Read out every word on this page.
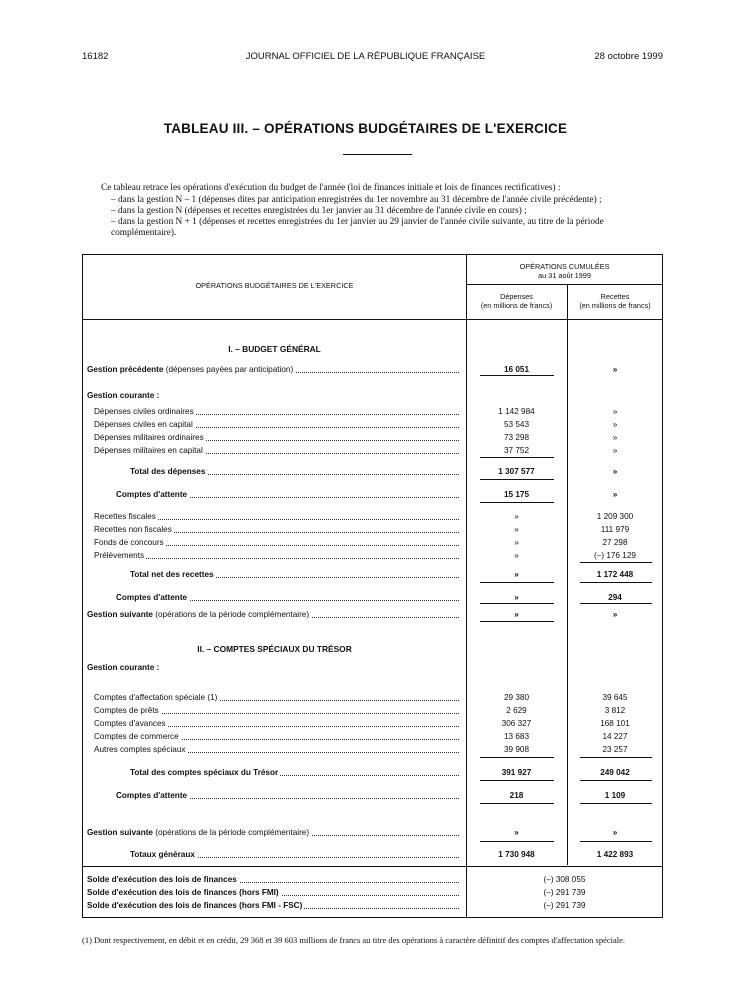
16182	JOURNAL OFFICIEL DE LA RÉPUBLIQUE FRANÇAISE	28 octobre 1999
TABLEAU III. – OPÉRATIONS BUDGÉTAIRES DE L'EXERCICE
Ce tableau retrace les opérations d'exécution du budget de l'année (loi de finances initiale et lois de finances rectificatives) :
– dans la gestion N – 1 (dépenses dites par anticipation enregistrées du 1er novembre au 31 décembre de l'année civile précédente) ;
– dans la gestion N (dépenses et recettes enregistrées du 1er janvier au 31 décembre de l'année civile en cours) ;
– dans la gestion N + 1 (dépenses et recettes enregistrées du 1er janvier au 29 janvier de l'année civile suivante, au titre de la période complémentaire).
OPÉRATIONS BUDGÉTAIRES DE L'EXERCICE
OPÉRATIONS CUMULÉES
au 31 août 1999
Dépenses
(en millions de francs)
Recettes
(en millions de francs)
I. – BUDGET GÉNÉRAL
Gestion précédente (dépenses payées par anticipation)	16 051	»
Gestion courante :
Dépenses civiles ordinaires	1 142 984	»
Dépenses civiles en capital	53 543	»
Dépenses militaires ordinaires	73 298	»
Dépenses militaires en capital	37 752	»
Total des dépenses	1 307 577	»
Comptes d'attente	15 175	»
Recettes fiscales	»	1 209 300
Recettes non fiscales	»	111 979
Fonds de concours	»	27 298
Prélèvements	»	(–) 176 129
Total net des recettes	»	1 172 448
Comptes d'attente	»	294
Gestion suivante (opérations de la période complémentaire)	»	»
II. – COMPTES SPÉCIAUX DU TRÉSOR
Gestion courante :
Comptes d'affectation spéciale (1)	29 380	39 645
Comptes de prêts	2 629	3 812
Comptes d'avances	306 327	168 101
Comptes de commerce	13 683	14 227
Autres comptes spéciaux	39 908	23 257
Total des comptes spéciaux du Trésor	391 927	249 042
Comptes d'attente	218	1 109
Gestion suivante (opérations de la période complémentaire)	»	»
Totaux généraux	1 730 948	1 422 893
Solde d'exécution des lois de finances	(–) 308 055
Solde d'exécution des lois de finances (hors FMI)	(–) 291 739
Solde d'exécution des lois de finances (hors FMI - FSC)	(–) 291 739
(1) Dont respectivement, en débit et en crédit, 29 368 et 39 603 millions de francs au titre des opérations à caractère définitif des comptes d'affectation spéciale.
